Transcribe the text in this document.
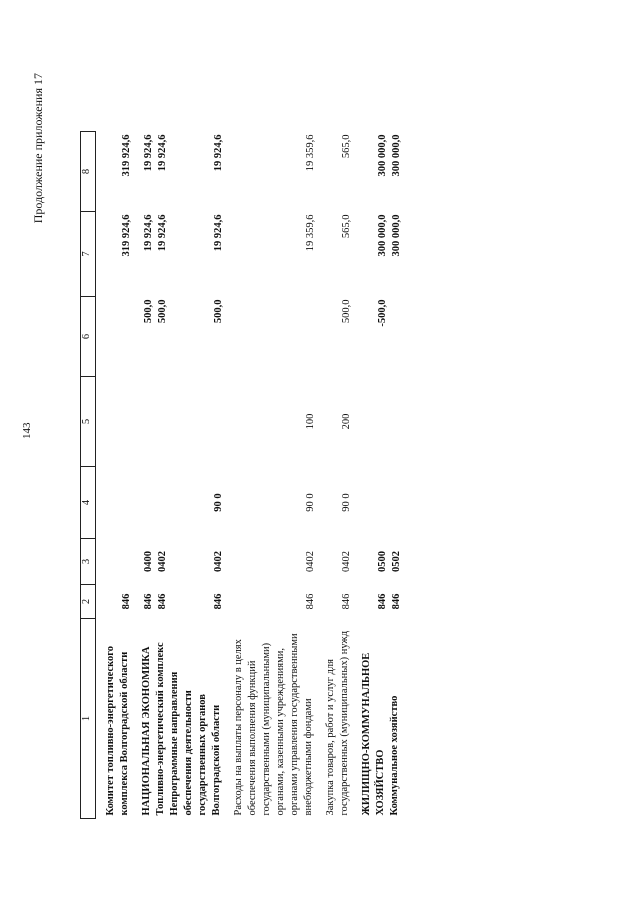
143
Продолжение приложения 17
1	2	3	4	5	6	7	8

Комитет топливно-энергетического комплекса Волгоградской области	846					319 924,6	319 924,6

НАЦИОНАЛЬНАЯ ЭКОНОМИКА	846	0400			500,0	19 924,6	19 924,6
Топливно-энергетический комплекс	846	0402			500,0	19 924,6	19 924,6
Непрограммные направления обеспечения деятельности государственных органов Волгоградской области	846	0402	90 0		500,0	19 924,6	19 924,6

Расходы на выплаты персоналу в целях обеспечения выполнения функций государственными (муниципальными) органами, казенными учреждениями, органами управления государственными внебюджетными фондами	846	0402	90 0	100		19 359,6	19 359,6

Закупка товаров, работ и услуг для государственных (муниципальных) нужд	846	0402	90 0	200	500,0	565,0	565,0

ЖИЛИЩНО-КОММУНАЛЬНОЕ ХОЗЯЙСТВО	846	0500			-500,0	300 000,0	300 000,0
Коммунальное хозяйство	846	0502				300 000,0	300 000,0
